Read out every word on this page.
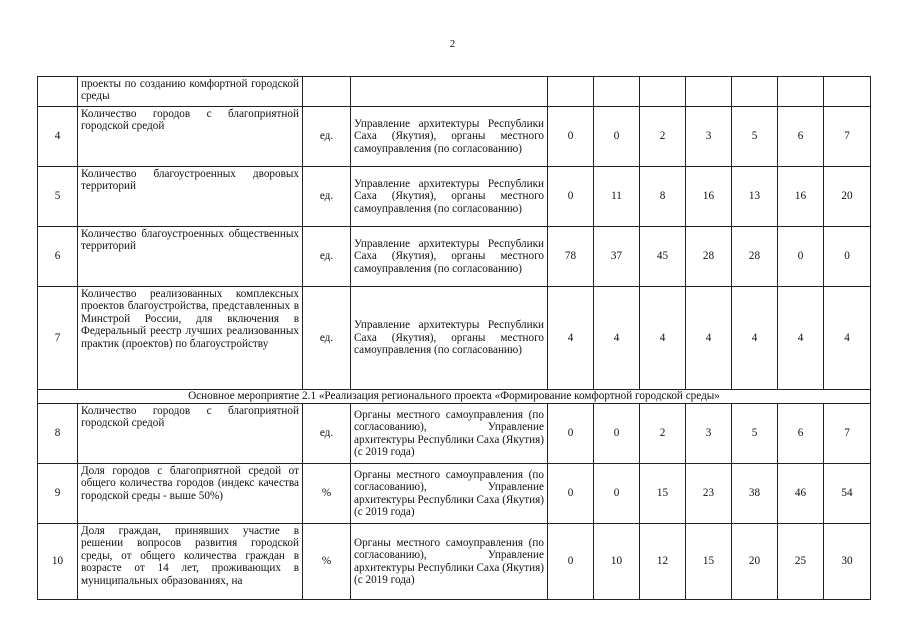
2
	проекты по созданию комфортной городской среды									
4	Количество городов с благоприятной городской средой	ед.	Управление архитектуры Республики Саха (Якутия), органы местного самоуправления (по согласованию)	0	0	2	3	5	6	7
5	Количество благоустроенных дворовых территорий	ед.	Управление архитектуры Республики Саха (Якутия), органы местного самоуправления (по согласованию)	0	11	8	16	13	16	20
6	Количество благоустроенных общественных территорий	ед.	Управление архитектуры Республики Саха (Якутия), органы местного самоуправления (по согласованию)	78	37	45	28	28	0	0
7	Количество реализованных комплексных проектов благоустройства, представленных в Минстрой России, для включения в Федеральный реестр лучших реализованных практик (проектов) по благоустройству	ед.	Управление архитектуры Республики Саха (Якутия), органы местного самоуправления (по согласованию)	4	4	4	4	4	4	4
Основное мероприятие 2.1 «Реализация регионального проекта «Формирование комфортной городской среды»										
8	Количество городов с благоприятной городской средой	ед.	Органы местного самоуправления (по согласованию), Управление архитектуры Республики Саха (Якутия) (с 2019 года)	0	0	2	3	5	6	7
9	Доля городов с благоприятной средой от общего количества городов (индекс качества городской среды - выше 50%)	%	Органы местного самоуправления (по согласованию), Управление архитектуры Республики Саха (Якутия) (с 2019 года)	0	0	15	23	38	46	54
10	Доля граждан, принявших участие в решении вопросов развития городской среды, от общего количества граждан в возрасте от 14 лет, проживающих в муниципальных образованиях, на	%	Органы местного самоуправления (по согласованию), Управление архитектуры Республики Саха (Якутия) (с 2019 года)	0	10	12	15	20	25	30
